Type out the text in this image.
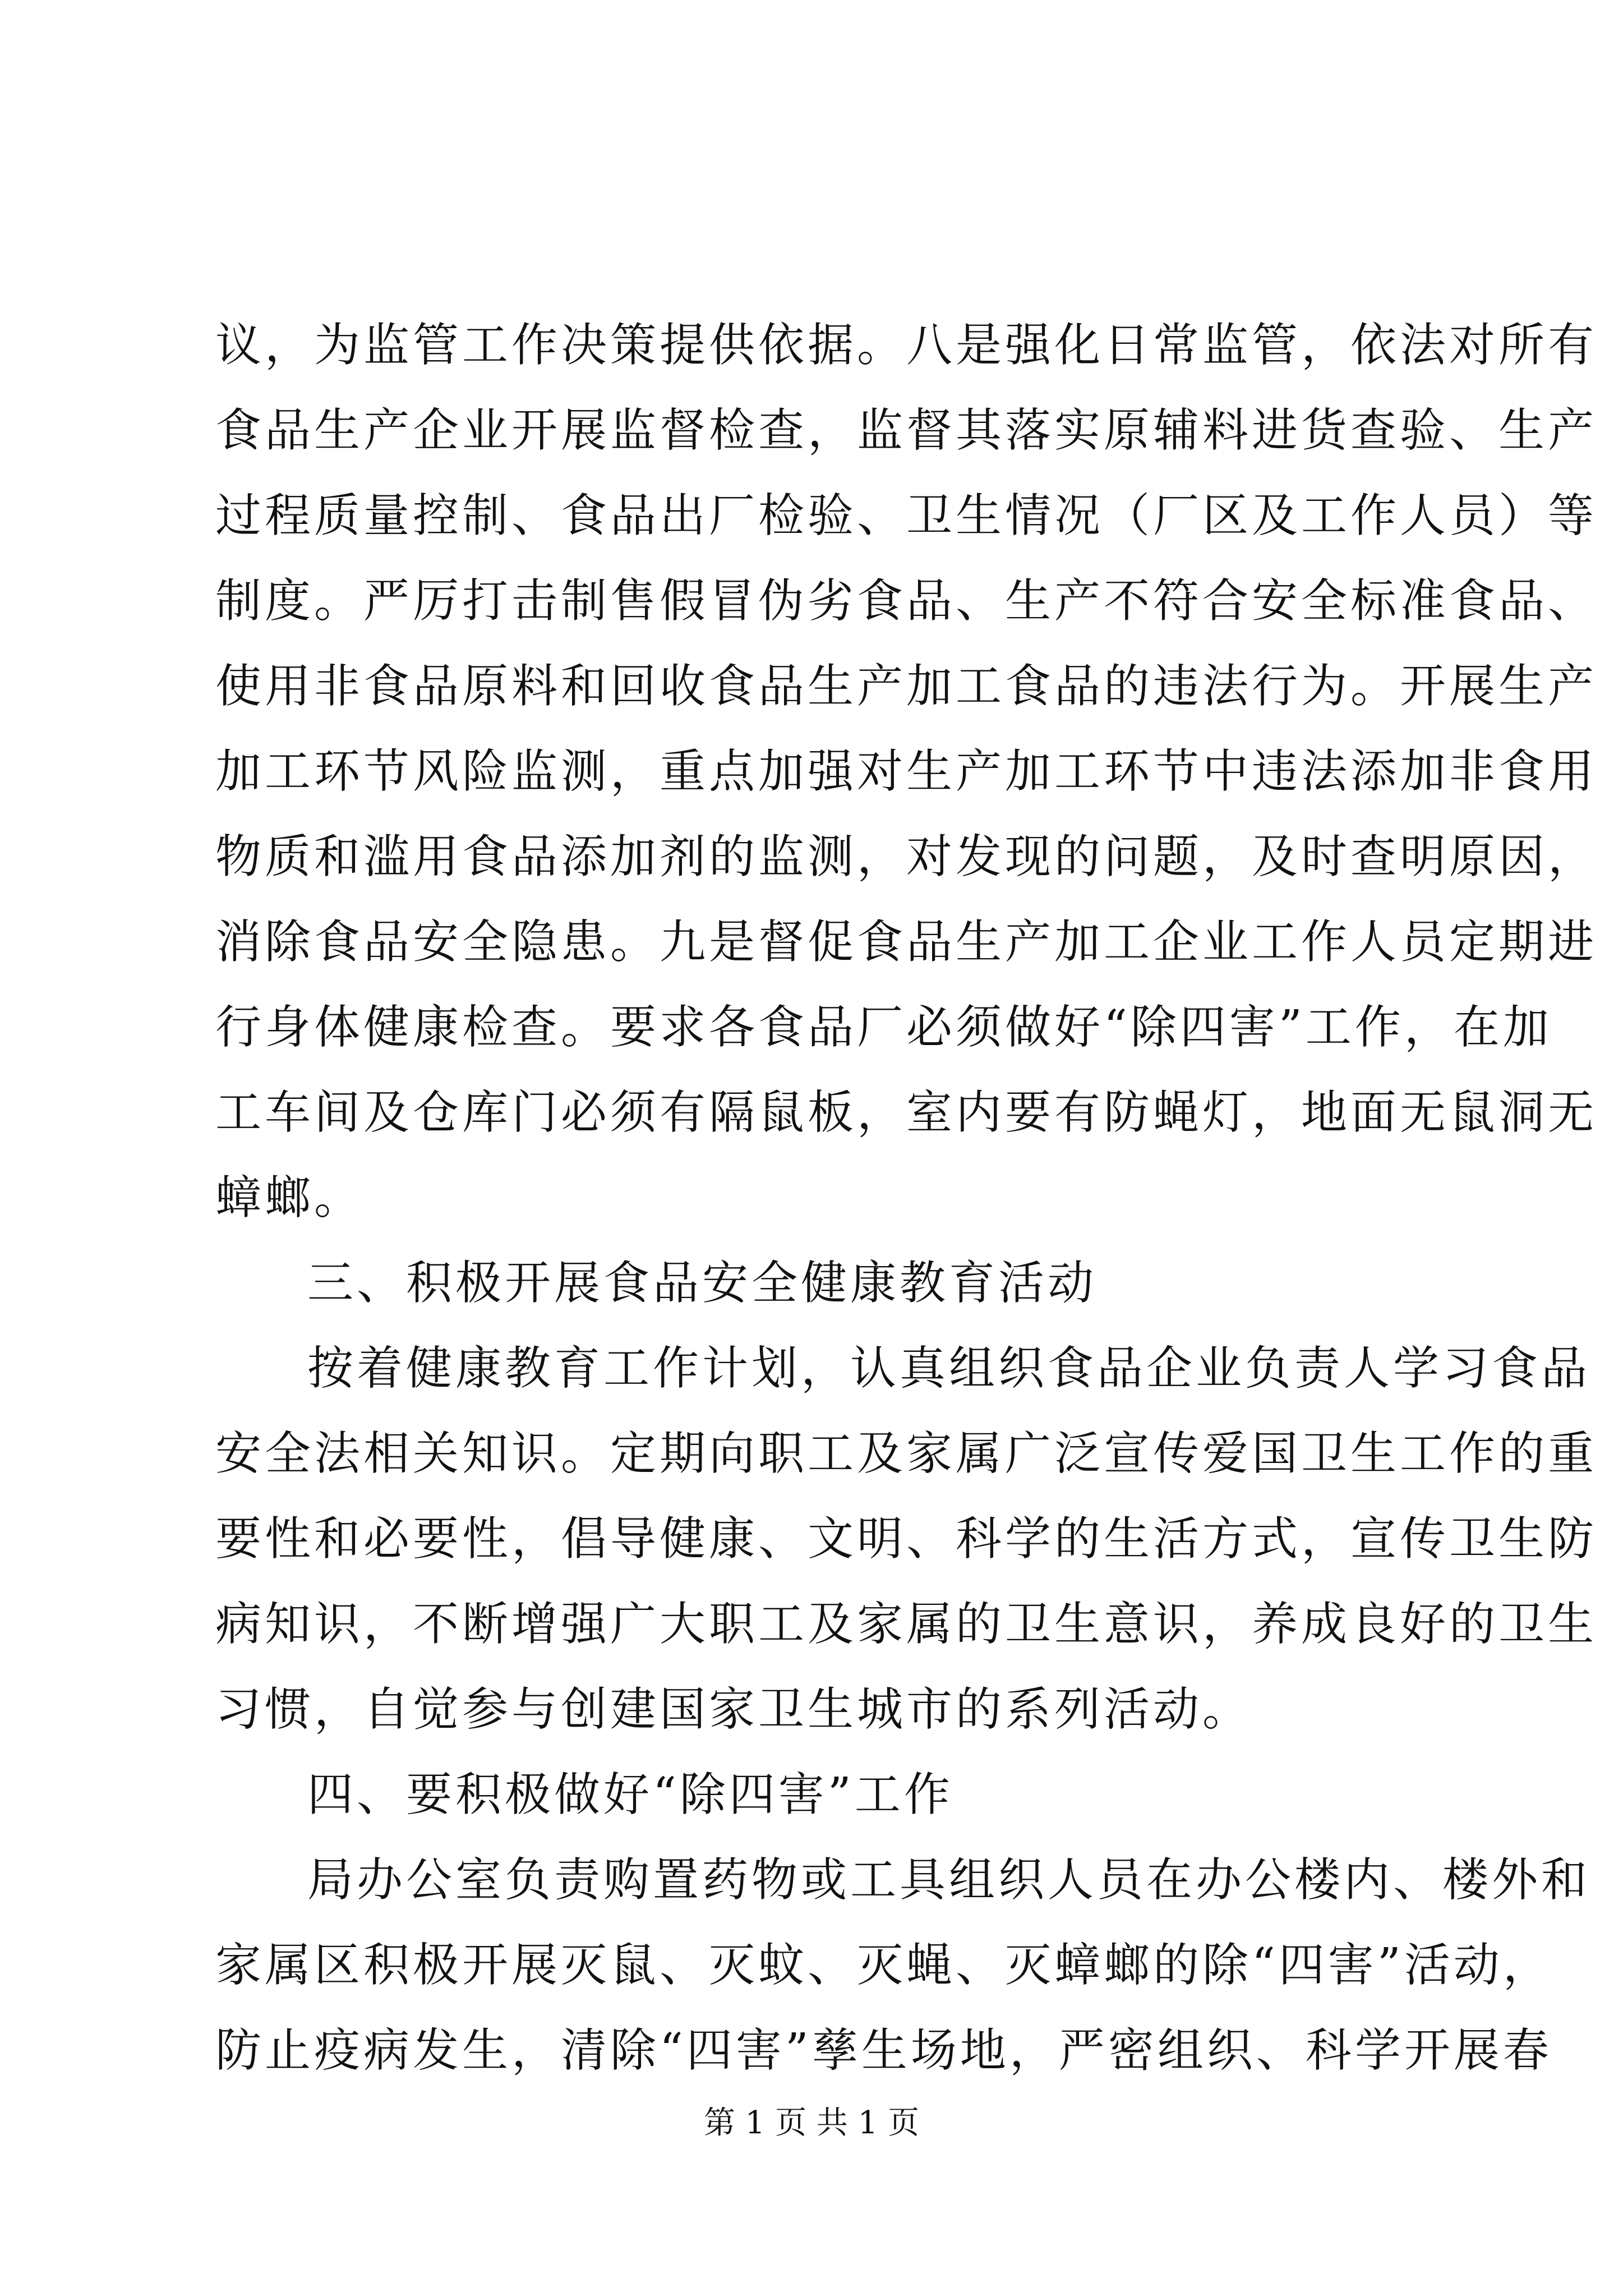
议，为监管工作决策提供依据。八是强化日常监管，依法对所有
食品生产企业开展监督检查，监督其落实原辅料进货查验、生产
过程质量控制、食品出厂检验、卫生情况（厂区及工作人员）等
制度。严厉打击制售假冒伪劣食品、生产不符合安全标准食品、
使用非食品原料和回收食品生产加工食品的违法行为。开展生产
加工环节风险监测，重点加强对生产加工环节中违法添加非食用
物质和滥用食品添加剂的监测，对发现的问题，及时查明原因，
消除食品安全隐患。九是督促食品生产加工企业工作人员定期进
行身体健康检查。要求各食品厂必须做好“除四害”工作，在加
工车间及仓库门必须有隔鼠板，室内要有防蝇灯，地面无鼠洞无
蟑螂。
三、积极开展食品安全健康教育活动
按着健康教育工作计划，认真组织食品企业负责人学习食品
安全法相关知识。定期向职工及家属广泛宣传爱国卫生工作的重
要性和必要性，倡导健康、文明、科学的生活方式，宣传卫生防
病知识，不断增强广大职工及家属的卫生意识，养成良好的卫生
习惯，自觉参与创建国家卫生城市的系列活动。
四、要积极做好“除四害”工作
局办公室负责购置药物或工具组织人员在办公楼内、楼外和
家属区积极开展灭鼠、灭蚊、灭蝇、灭蟑螂的除“四害”活动，
防止疫病发生，清除“四害”孳生场地，严密组织、科学开展春
第 1 页 共 1 页
